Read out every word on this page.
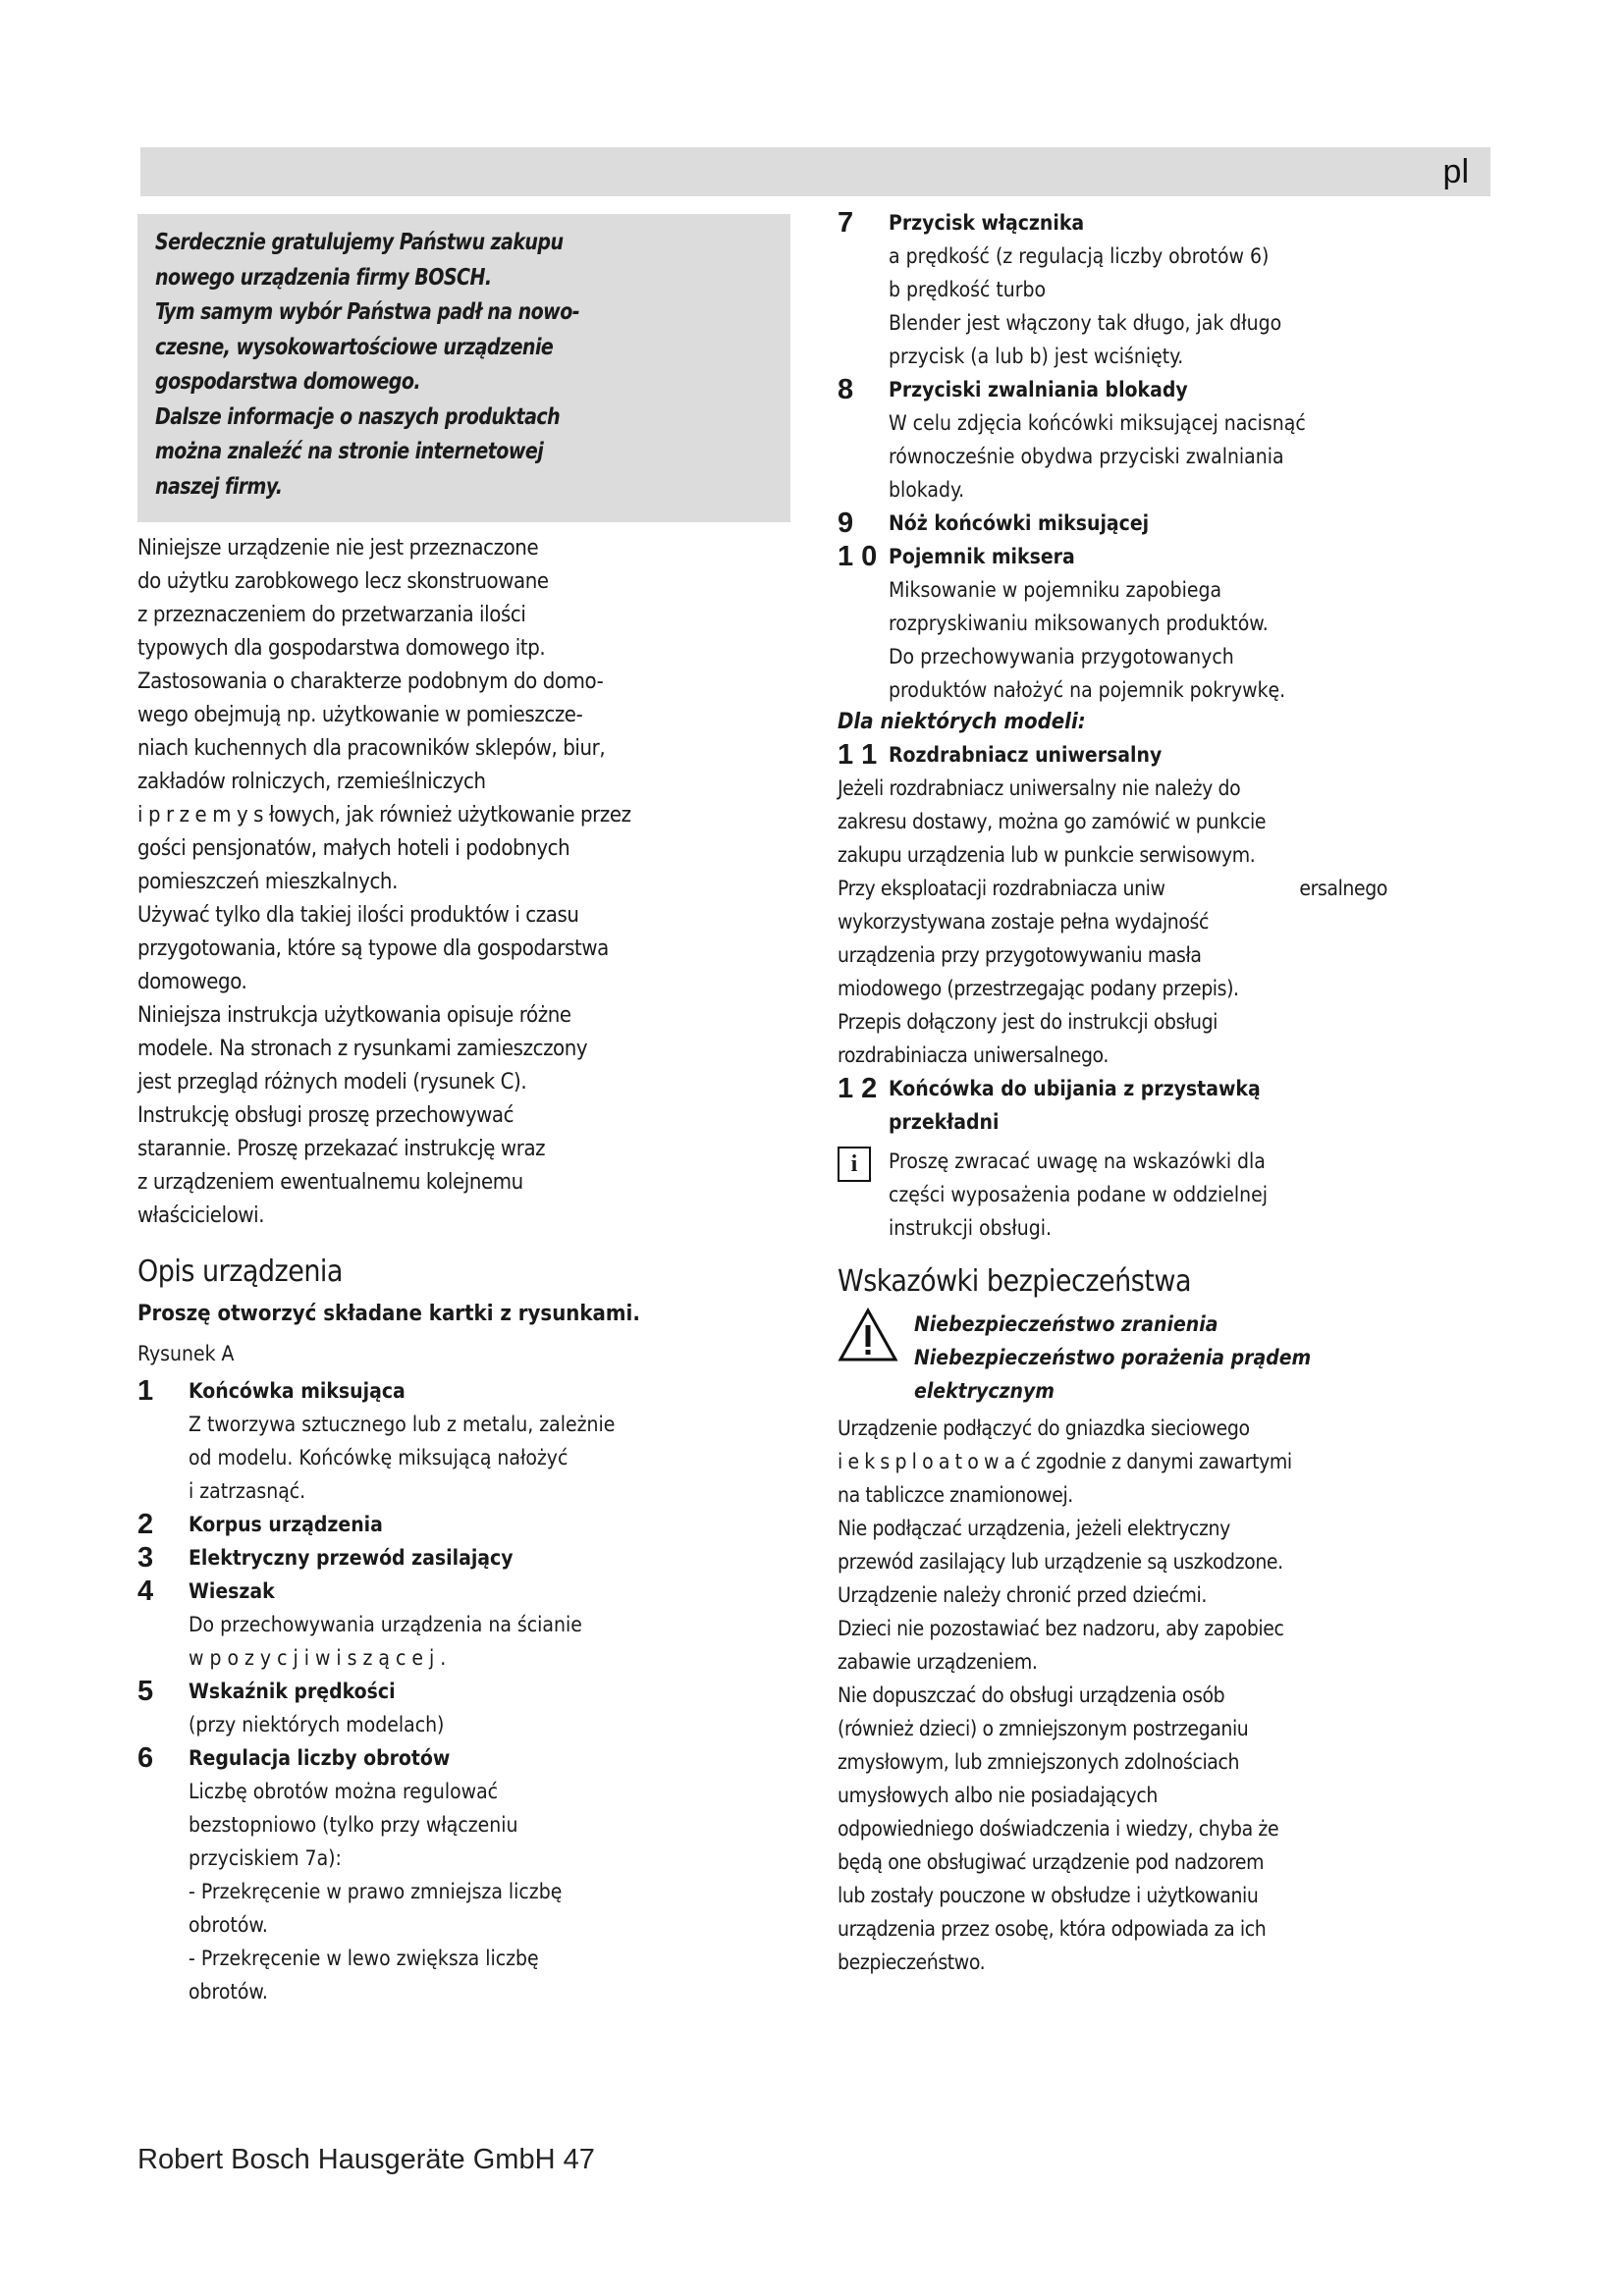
pl

Serdecznie gratulujemy Państwu zakupu

nowego urządzenia firmy BOSCH.

Tym samym wybór Państwa padł na nowo-

czesne, wysokowartościowe urządzenie

gospodarstwa domowego.

Dalsze informacje o naszych produktach

można znaleźć na stronie internetowej

naszej firmy.

Niniejsze urządzenie nie jest przeznaczone
do użytku zarobkowego lecz skonstruowane
z przeznaczeniem do przetwarzania ilości
typowych dla gospodarstwa domowego itp.
Zastosowania o charakterze podobnym do domo-
wego obejmują np. użytkowanie w pomieszcze-
niach kuchennych dla pracowników sklepów, biur,
zakładów rolniczych, rzemieślniczych
i p r z e m y s łowych, jak również użytkowanie przez
gości pensjonatów, małych hoteli i podobnych
pomieszczeń mieszkalnych.

Używać tylko dla takiej ilości produktów i czasu
przygotowania, które są typowe dla gospodarstwa
domowego.

Niniejsza instrukcja użytkowania opisuje różne
modele. Na stronach z rysunkami zamieszczony
jest przegląd różnych modeli (rysunek C).
Instrukcję obsługi proszę przechowywać
starannie. Proszę przekazać instrukcję wraz
z urządzeniem ewentualnemu kolejnemu
właścicielowi.

Opis urządzenia

Proszę otworzyć składane kartki z rysunkami.

Rysunek A

1	Końcówka miksująca
Z tworzywa sztucznego lub z metalu, zależnie
od modelu. Końcówkę miksującą nałożyć
i zatrzasnąć.
2	Korpus urządzenia
3	Elektryczny przewód zasilający
4	Wieszak
Do przechowywania urządzenia na ścianie
w p o z y c j i w i s z ą c e j .
5	Wskaźnik prędkości
(przy niektórych modelach)
6	Regulacja liczby obrotów
Liczbę obrotów można regulować
bezstopniowo (tylko przy włączeniu
przyciskiem 7a):
- Przekręcenie w prawo zmniejsza liczbę
obrotów.
- Przekręcenie w lewo zwiększa liczbę
obrotów.
7	Przycisk włącznika
a prędkość (z regulacją liczby obrotów 6)
b prędkość turbo
Blender jest włączony tak długo, jak długo
przycisk (a lub b) jest wciśnięty.
8	Przyciski zwalniania blokady
W celu zdjęcia końcówki miksującej nacisnąć
równocześnie obydwa przyciski zwalniania
blokady.
9	Nóż końcówki miksującej
1 0 Pojemnik miksera
Miksowanie w pojemniku zapobiega
rozpryskiwaniu miksowanych produktów.
Do przechowywania przygotowanych
produktów nałożyć na pojemnik pokrywkę.

Dla niektórych modeli:

1 1 Rozdrabniacz uniwersalny

Jeżeli rozdrabniacz uniwersalny nie należy do
zakresu dostawy, można go zamówić w punkcie
zakupu urządzenia lub w punkcie serwisowym.

Przy eksploatacji rozdrabniacza uniw	ersalnego

wykorzystywana zostaje pełna wydajność
urządzenia przy przygotowywaniu masła
miodowego (przestrzegając podany przepis).
Przepis dołączony jest do instrukcji obsługi
rozdrabiniacza uniwersalnego.

1 2 Końcówka do ubijania z przystawką
przekładni
i	Proszę zwracać uwagę na wskazówki dla
części wyposażenia podane w oddzielnej
instrukcji obsługi.
Wskazówki bezpieczeństwa
Niebezpieczeństwo zranienia
Niebezpieczeństwo porażenia prądem
elektrycznym

Urządzenie podłączyć do gniazdka sieciowego
i e k s p l o a t o w a ć zgodnie z danymi zawartymi
na tabliczce znamionowej.

Nie podłączać urządzenia, jeżeli elektryczny
przewód zasilający lub urządzenie są uszkodzone.

Urządzenie należy chronić przed dziećmi.
Dzieci nie pozostawiać bez nadzoru, aby zapobiec
zabawie urządzeniem.

Nie dopuszczać do obsługi urządzenia osób
(również dzieci) o zmniejszonym postrzeganiu
zmysłowym, lub zmniejszonych zdolnościach
umysłowych albo nie posiadających
odpowiedniego doświadczenia i wiedzy, chyba że
będą one obsługiwać urządzenie pod nadzorem
lub zostały pouczone w obsłudze i użytkowaniu
urządzenia przez osobę, która odpowiada za ich
bezpieczeństwo.

Robert Bosch Hausgeräte GmbH 47
